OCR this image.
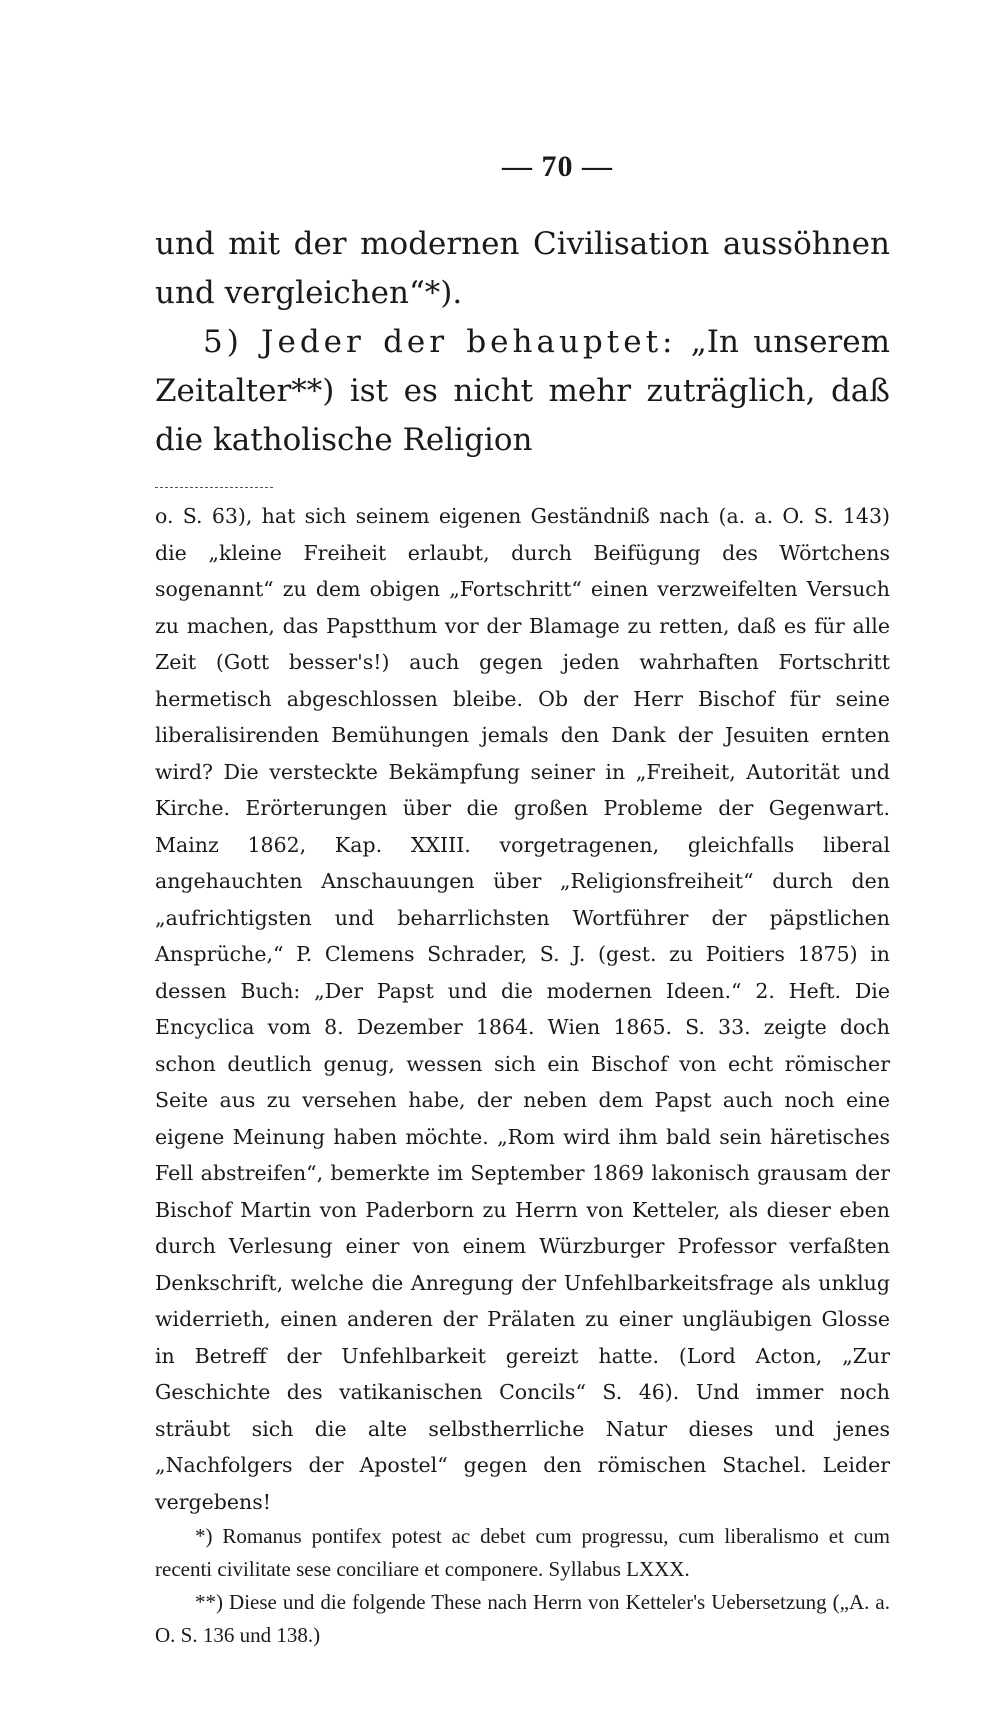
— 70 —

und mit der modernen Civilisation aussöhnen und vergleichen“*).

5) Jeder der behauptet: „In unserem Zeitalter**) ist es nicht mehr zuträglich, daß die katholische Religion

o. S. 63), hat sich seinem eigenen Geständniß nach (a. a. O. S. 143) die „kleine Freiheit erlaubt, durch Beifügung des Wörtchens sogenannt“ zu dem obigen „Fortschritt“ einen verzweifelten Versuch zu machen, das Papstthum vor der Blamage zu retten, daß es für alle Zeit (Gott besser's!) auch gegen jeden wahrhaften Fortschritt hermetisch abgeschlossen bleibe. Ob der Herr Bischof für seine liberalisirenden Bemühungen jemals den Dank der Jesuiten ernten wird? Die versteckte Bekämpfung seiner in „Freiheit, Autorität und Kirche. Erörterungen über die großen Probleme der Gegenwart. Mainz 1862, Kap. XXIII. vorgetragenen, gleichfalls liberal angehauchten Anschauungen über „Religionsfreiheit“ durch den „aufrichtigsten und beharrlichsten Wortführer der päpstlichen Ansprüche,“ P. Clemens Schrader, S. J. (gest. zu Poitiers 1875) in dessen Buch: „Der Papst und die modernen Ideen.“ 2. Heft. Die Encyclica vom 8. Dezember 1864. Wien 1865. S. 33. zeigte doch schon deutlich genug, wessen sich ein Bischof von echt römischer Seite aus zu versehen habe, der neben dem Papst auch noch eine eigene Meinung haben möchte. „Rom wird ihm bald sein häretisches Fell abstreifen“, bemerkte im September 1869 lakonisch grausam der Bischof Martin von Paderborn zu Herrn von Ketteler, als dieser eben durch Verlesung einer von einem Würzburger Professor verfaßten Denkschrift, welche die Anregung der Unfehlbarkeitsfrage als unklug widerrieth, einen anderen der Prälaten zu einer ungläubigen Glosse in Betreff der Unfehlbarkeit gereizt hatte. (Lord Acton, „Zur Geschichte des vatikanischen Concils“ S. 46). Und immer noch sträubt sich die alte selbstherrliche Natur dieses und jenes „Nachfolgers der Apostel“ gegen den römischen Stachel. Leider vergebens!

*) Romanus pontifex potest ac debet cum progressu, cum liberalismo et cum recenti civilitate sese conciliare et componere. Syllabus LXXX.

**) Diese und die folgende These nach Herrn von Ketteler's Uebersetzung („A. a. O. S. 136 und 138.)
